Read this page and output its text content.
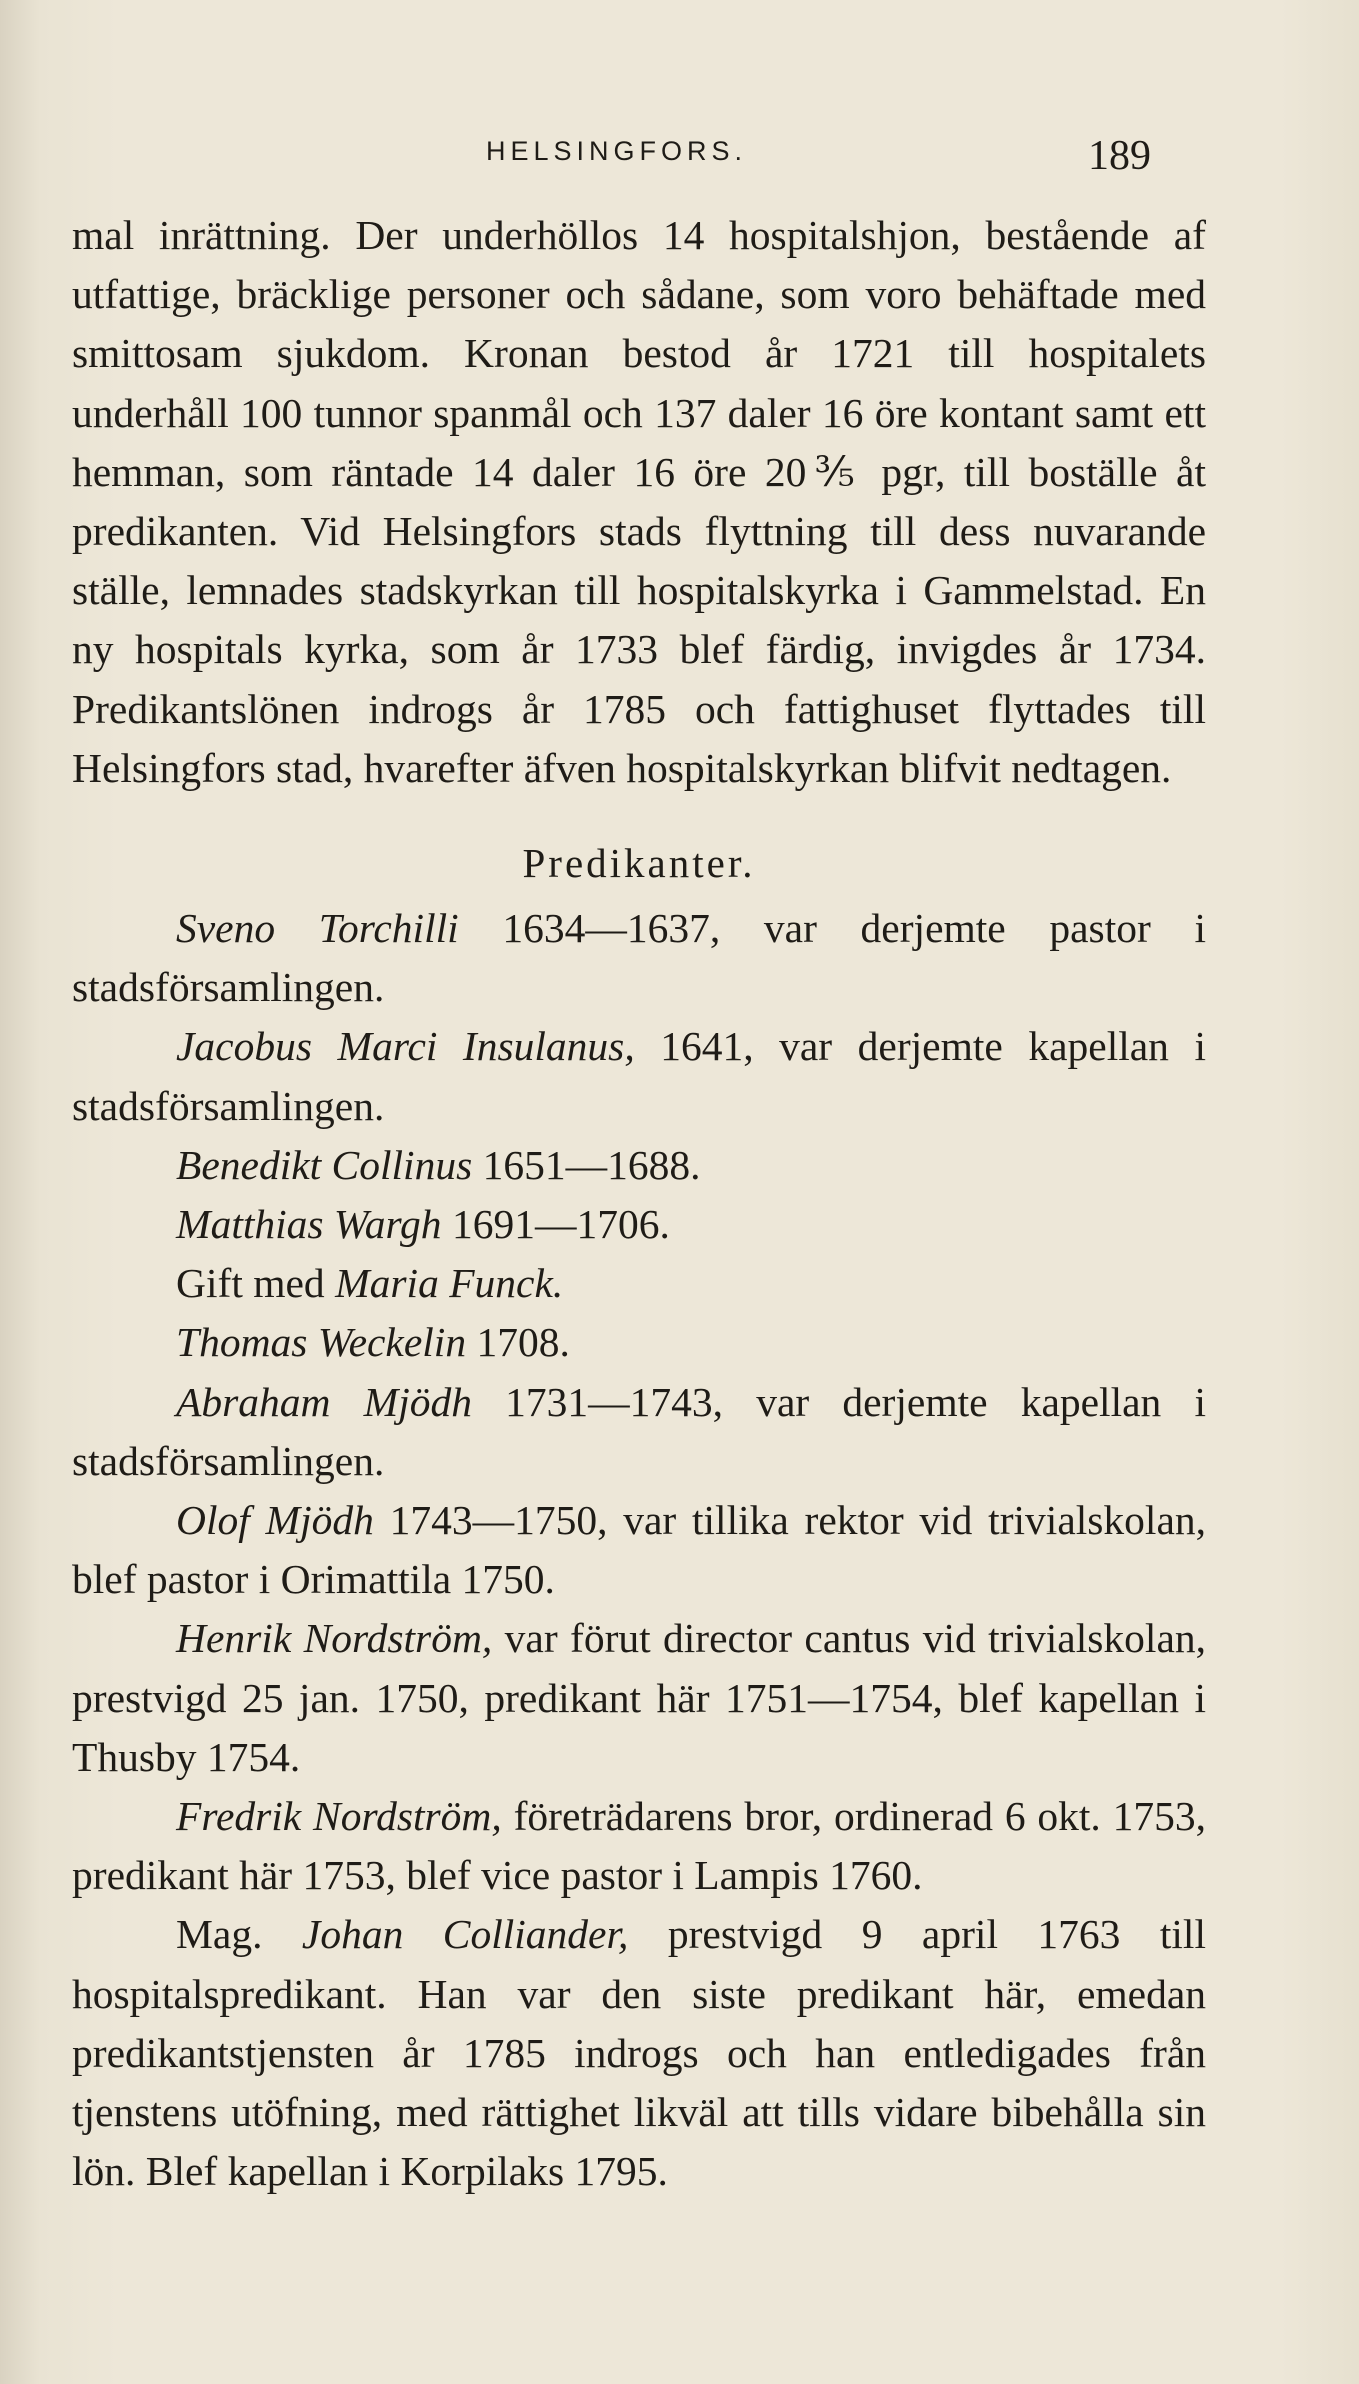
HELSINGFORS.	189

mal inrättning. Der underhöllos 14 hospitalshjon, bestående af utfattige, bräcklige personer och sådane, som voro behäftade med smittosam sjukdom. Kronan bestod år 1721 till hospitalets underhåll 100 tunnor spanmål och 137 daler 16 öre kontant samt ett hemman, som räntade 14 daler 16 öre 20⅗ pgr, till boställe åt predikanten. Vid Helsingfors stads flyttning till dess nuvarande ställe, lemnades stadskyrkan till hospitalskyrka i Gammelstad. En ny hospitals kyrka, som år 1733 blef färdig, invigdes år 1734. Predikantslönen indrogs år 1785 och fattighuset flyttades till Helsingfors stad, hvarefter äfven hospitalskyrkan blifvit nedtagen.

Predikanter.

Sveno Torchilli 1634—1637, var derjemte pastor i stadsförsamlingen.

Jacobus Marci Insulanus, 1641, var derjemte kapellan i stadsförsamlingen.

Benedikt Collinus 1651—1688.

Matthias Wargh 1691—1706.

Gift med Maria Funck.

Thomas Weckelin 1708.

Abraham Mjödh 1731—1743, var derjemte kapellan i stadsförsamlingen.

Olof Mjödh 1743—1750, var tillika rektor vid trivialskolan, blef pastor i Orimattila 1750.

Henrik Nordström, var förut director cantus vid trivialskolan, prestvigd 25 jan. 1750, predikant här 1751—1754, blef kapellan i Thusby 1754.

Fredrik Nordström, företrädarens bror, ordinerad 6 okt. 1753, predikant här 1753, blef vice pastor i Lampis 1760.

Mag. Johan Colliander, prestvigd 9 april 1763 till hospitalspredikant. Han var den siste predikant här, emedan predikantstjensten år 1785 indrogs och han entledigades från tjenstens utöfning, med rättighet likväl att tills vidare bibehålla sin lön. Blef kapellan i Korpilaks 1795.
